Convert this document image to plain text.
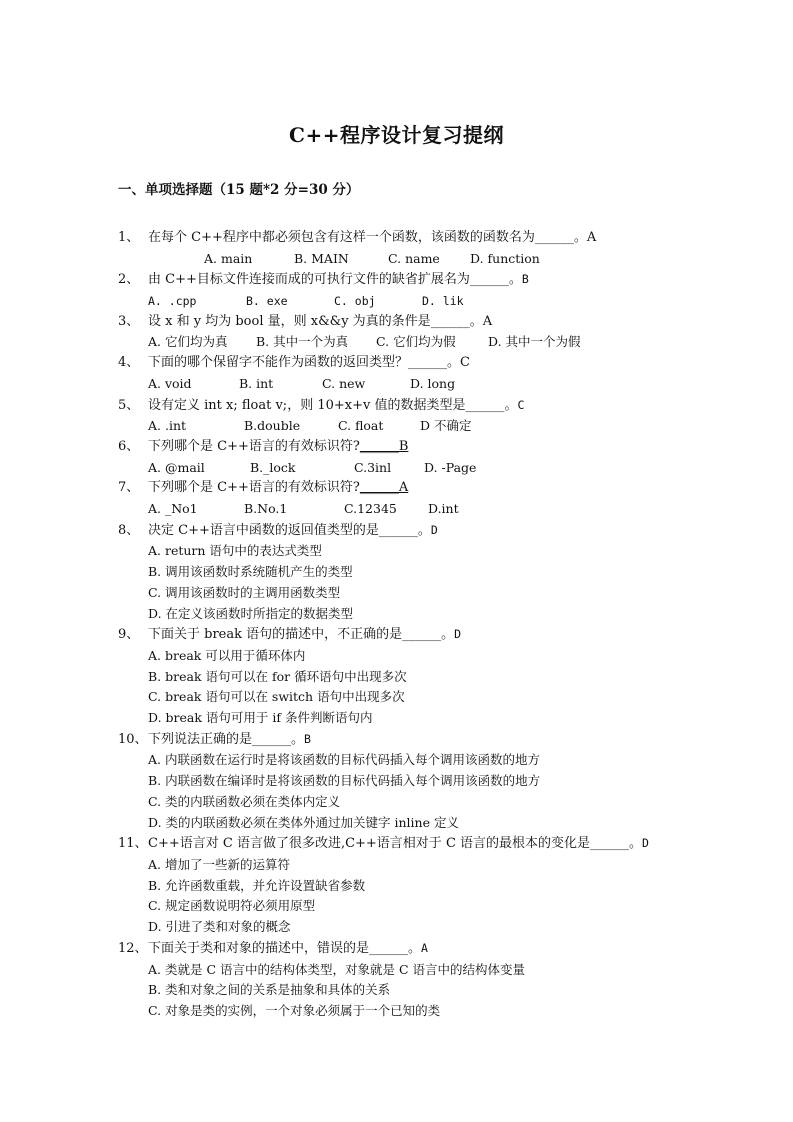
C++程序设计复习提纲
一、单项选择题（15 题*2 分=30 分）
1、 在每个 C++程序中都必须包含有这样一个函数，该函数的函数名为______。A
A. main	B. MAIN	C. name D. function
2、 由 C++目标文件连接而成的可执行文件的缺省扩展名为______。B
A. .cpp	B. exe	C. obj	D. lik
3、 设 x 和 y 均为 bool 量，则 x&&y 为真的条件是______。A
A. 它们均为真 B. 其中一个为真 C. 它们均为假	D. 其中一个为假
4、 下面的哪个保留字不能作为函数的返回类型？______。C
A. void	B. int	C. new	D. long
5、 设有定义 int x; float v;，则 10+x+v 值的数据类型是______。C
A. .int	B.double	C. float	D 不确定
6、 下列哪个是 C++语言的有效标识符?______B
A. @mail	B._lock	C.3inl	D. -Page
7、 下列哪个是 C++语言的有效标识符?______A
A. _No1	B.No.1	C.12345 D.int
8、 决定 C++语言中函数的返回值类型的是______。D
A. return 语句中的表达式类型
B. 调用该函数时系统随机产生的类型
C. 调用该函数时的主调用函数类型
D. 在定义该函数时所指定的数据类型
9、 下面关于 break 语句的描述中，不正确的是______。D
A. break 可以用于循环体内
B. break 语句可以在 for 循环语句中出现多次
C. break 语句可以在 switch 语句中出现多次
D. break 语句可用于 if 条件判断语句内
10、下列说法正确的是______。B
A. 内联函数在运行时是将该函数的目标代码插入每个调用该函数的地方
B. 内联函数在编译时是将该函数的目标代码插入每个调用该函数的地方
C. 类的内联函数必须在类体内定义
D. 类的内联函数必须在类体外通过加关键字 inline 定义
11、C++语言对 C 语言做了很多改进,C++语言相对于 C 语言的最根本的变化是______。D
A. 增加了一些新的运算符
B. 允许函数重载，并允许设置缺省参数
C. 规定函数说明符必须用原型
D. 引进了类和对象的概念
12、下面关于类和对象的描述中，错误的是______。A
A. 类就是 C 语言中的结构体类型，对象就是 C 语言中的结构体变量
B. 类和对象之间的关系是抽象和具体的关系
C. 对象是类的实例，一个对象必须属于一个已知的类
